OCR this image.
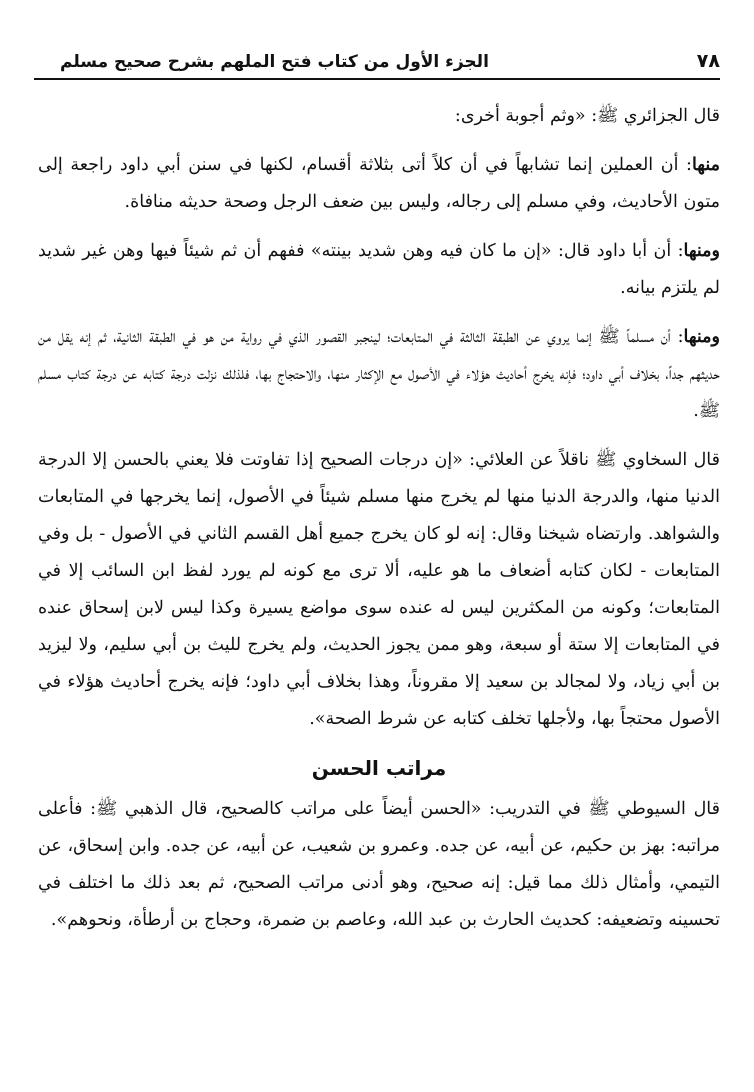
٧٨
الجزء الأول من كتاب فتح الملهم بشرح صحيح مسلم

قال الجزائري ﷺ: «وثم أجوبة أخرى:

منها: أن العملين إنما تشابهاً في أن كلاً أتى بثلاثة أقسام، لكنها في سنن أبي داود راجعة إلى متون الأحاديث، وفي مسلم إلى رجاله، وليس بين ضعف الرجل وصحة حديثه منافاة.

ومنها: أن أبا داود قال: «إن ما كان فيه وهن شديد بينته» ففهم أن ثم شيئاً فيها وهن غير شديد لم يلتزم بيانه.

ومنها: أن مسلماً ﷺ إنما يروي عن الطبقة الثالثة في المتابعات؛ لينجبر القصور الذي في رواية من هو في الطبقة الثانية، ثم إنه يقل من حديثهم جداً، بخلاف أبي داود؛ فإنه يخرج أحاديث هؤلاء في الأصول مع الإكثار منها، والاحتجاج بها، فلذلك نزلت درجة كتابه عن درجة كتاب مسلم ﷺ.

قال السخاوي ﷺ ناقلاً عن العلائي: «إن درجات الصحيح إذا تفاوتت فلا يعني بالحسن إلا الدرجة الدنيا منها، والدرجة الدنيا منها لم يخرج منها مسلم شيئاً في الأصول، إنما يخرجها في المتابعات والشواهد. وارتضاه شيخنا وقال: إنه لو كان يخرج جميع أهل القسم الثاني في الأصول - بل وفي المتابعات - لكان كتابه أضعاف ما هو عليه، ألا ترى مع كونه لم يورد لفظ ابن السائب إلا في المتابعات؛ وكونه من المكثرين ليس له عنده سوى مواضع يسيرة وكذا ليس لابن إسحاق عنده في المتابعات إلا ستة أو سبعة، وهو ممن يجوز الحديث، ولم يخرج لليث بن أبي سليم، ولا ليزيد بن أبي زياد، ولا لمجالد بن سعيد إلا مقروناً، وهذا بخلاف أبي داود؛ فإنه يخرج أحاديث هؤلاء في الأصول محتجاً بها، ولأجلها تخلف كتابه عن شرط الصحة».

مراتب الحسن

قال السيوطي ﷺ في التدريب: «الحسن أيضاً على مراتب كالصحيح، قال الذهبي ﷺ: فأعلى مراتبه: بهز بن حكيم، عن أبيه، عن جده. وعمرو بن شعيب، عن أبيه، عن جده. وابن إسحاق، عن التيمي، وأمثال ذلك مما قيل: إنه صحيح، وهو أدنى مراتب الصحيح، ثم بعد ذلك ما اختلف في تحسينه وتضعيفه: كحديث الحارث بن عبد الله، وعاصم بن ضمرة، وحجاج بن أرطأة، ونحوهم».
